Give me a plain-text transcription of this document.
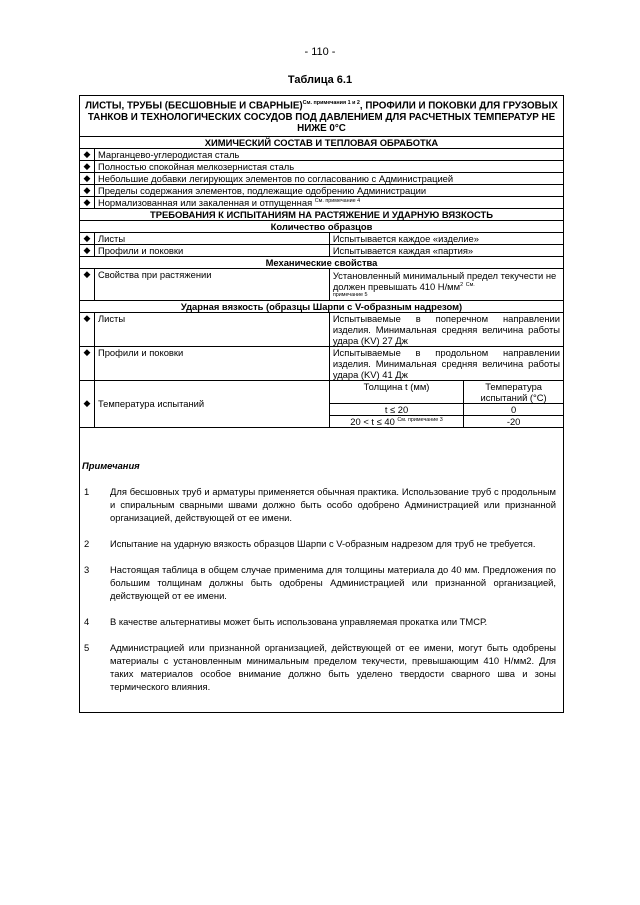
- 110 -
Таблица 6.1
ЛИСТЫ, ТРУБЫ (БЕСШОВНЫЕ И СВАРНЫЕ)$^{См. примечания 1 и 2}$, ПРОФИЛИ И ПОКОВКИ ДЛЯ ГРУЗОВЫХ ТАНКОВ И ТЕХНОЛОГИЧЕСКИХ СОСУДОВ ПОД ДАВЛЕНИЕМ ДЛЯ РАСЧЕТНЫХ ТЕМПЕРАТУР НЕ НИЖЕ 0°C			
ХИМИЧЕСКИЙ СОСТАВ И ТЕПЛОВАЯ ОБРАБОТКА			
◆	Марганцево-углеродистая сталь		
◆	Полностью спокойная мелкозернистая сталь		
◆	Небольшие добавки легирующих элементов по согласованию с Администрацией		
◆	Пределы содержания элементов, подлежащие одобрению Администрации		
◆	Нормализованная или закаленная и отпущенная $^{См. примечание 4}$
ТРЕБОВАНИЯ К ИСПЫТАНИЯМ НА РАСТЯЖЕНИЕ И УДАРНУЮ ВЯЗКОСТЬ			
Количество образцов			
◆	Листы	Испытывается каждое «изделие»	
◆	Профили и поковки	Испытывается каждая «партия»	
Механические свойства			
◆	Свойства при растяжении	Установленный минимальный предел текучести не должен превышать 410 $Н/мм^2$ $^{См.}$
примечание 5	

Ударная вязкость (образцы Шарпи с V-образным надрезом)			
◆	Листы	Испытываемые в поперечном направлении изделия. Минимальная средняя величина работы удара (KV) 27 Дж	
◆	Профили и поковки	Испытываемые в продольном направлении изделия. Минимальная средняя величина работы удара (KV) 41 Дж	
◆	Температура испытаний	Толщина t (мм)	Температура испытаний (°C)
		t ≤ 20	0
		20 < t ≤ 40 $^{См. примечание 3}$	-20
Примечания
1	Для бесшовных труб и арматуры применяется обычная практика. Использование труб с продольным и спиральным сварными швами должно быть особо одобрено Администрацией или признанной организацией, действующей от ее имени.
2	Испытание на ударную вязкость образцов Шарпи с V-образным надрезом для труб не требуется.
3	Настоящая таблица в общем случае применима для толщины материала до 40 мм. Предложения по большим толщинам должны быть одобрены Администрацией или признанной организацией, действующей от ее имени.
4	В качестве альтернативы может быть использована управляемая прокатка или ТМСР.
5	Администрацией или признанной организацией, действующей от ее имени, могут быть одобрены материалы с установленным минимальным пределом текучести, превышающим 410 Н/мм2. Для таких материалов особое внимание должно быть уделено твердости сварного шва и зоны термического влияния.
